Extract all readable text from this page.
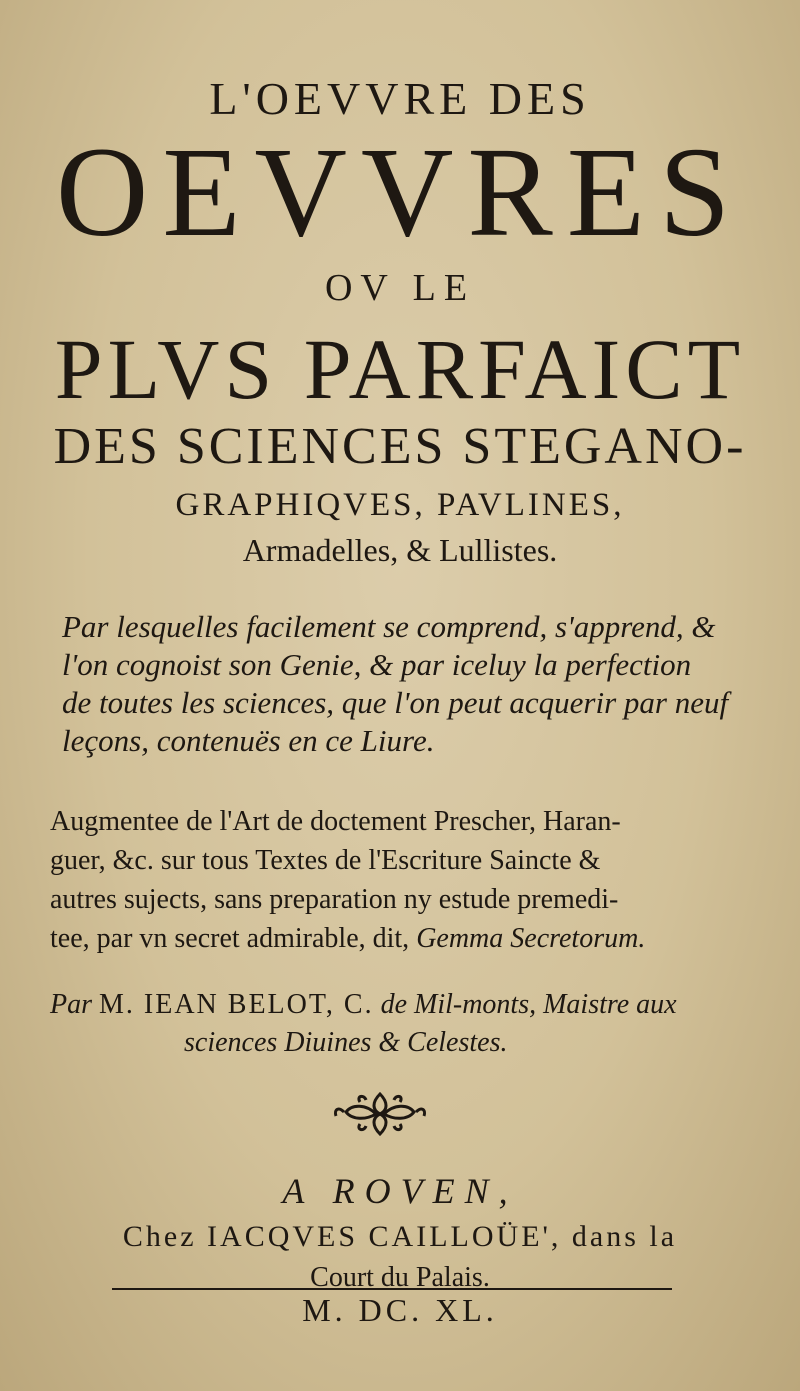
L'OEVVRE DES
OEVVRES
OV LE
PLVS PARFAICT
DES SCIENCES STEGANO-
GRAPHIQVES, PAVLINES,
Armadelles, & Lullistes.
Par lesquelles facilement se comprend, s'apprend, &
l'on cognoist son Genie, & par iceluy la perfection
de toutes les sciences, que l'on peut acquerir par neuf
leçons, contenuës en ce Liure.
Augmentee de l'Art de doctement Prescher, Haran-
guer, &c. sur tous Textes de l'Escriture Saincte &
autres sujects, sans preparation ny estude premedi-
tee, par vn secret admirable, dit, Gemma Secretorum.
Par M. IEAN BELOT, C. de Mil-monts, Maistre aux
sciences Diuines & Celestes.
A ROVEN,
Chez IACQVES CAILLOÜE', dans la
Court du Palais.
M. DC. XL.
